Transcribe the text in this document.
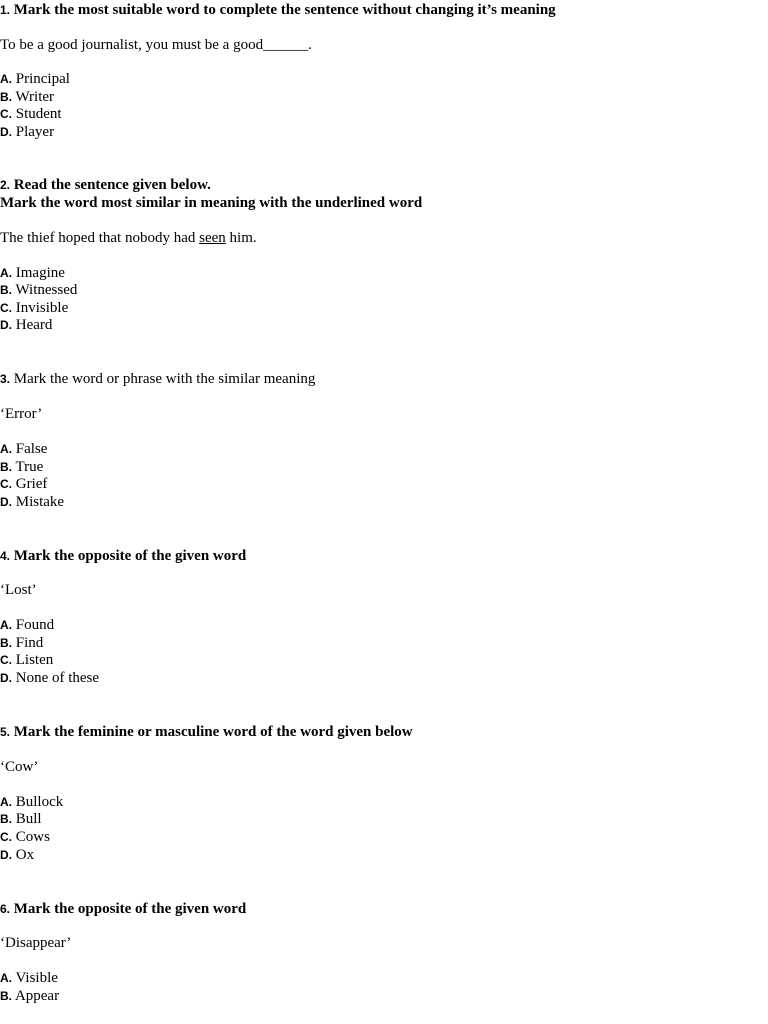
1. Mark the most suitable word to complete the sentence without changing it’s meaning
To be a good journalist, you must be a good______.
A. Principal
B. Writer
C. Student
D. Player
2. Read the sentence given below.
Mark the word most similar in meaning with the underlined word
The thief hoped that nobody had seen him.
A. Imagine
B. Witnessed
C. Invisible
D. Heard
3. Mark the word or phrase with the similar meaning
‘Error’
A. False
B. True
C. Grief
D. Mistake
4. Mark the opposite of the given word
‘Lost’
A. Found
B. Find
C. Listen
D. None of these
5. Mark the feminine or masculine word of the word given below
‘Cow’
A. Bullock
B. Bull
C. Cows
D. Ox
6. Mark the opposite of the given word
‘Disappear’
A. Visible
B. Appear
